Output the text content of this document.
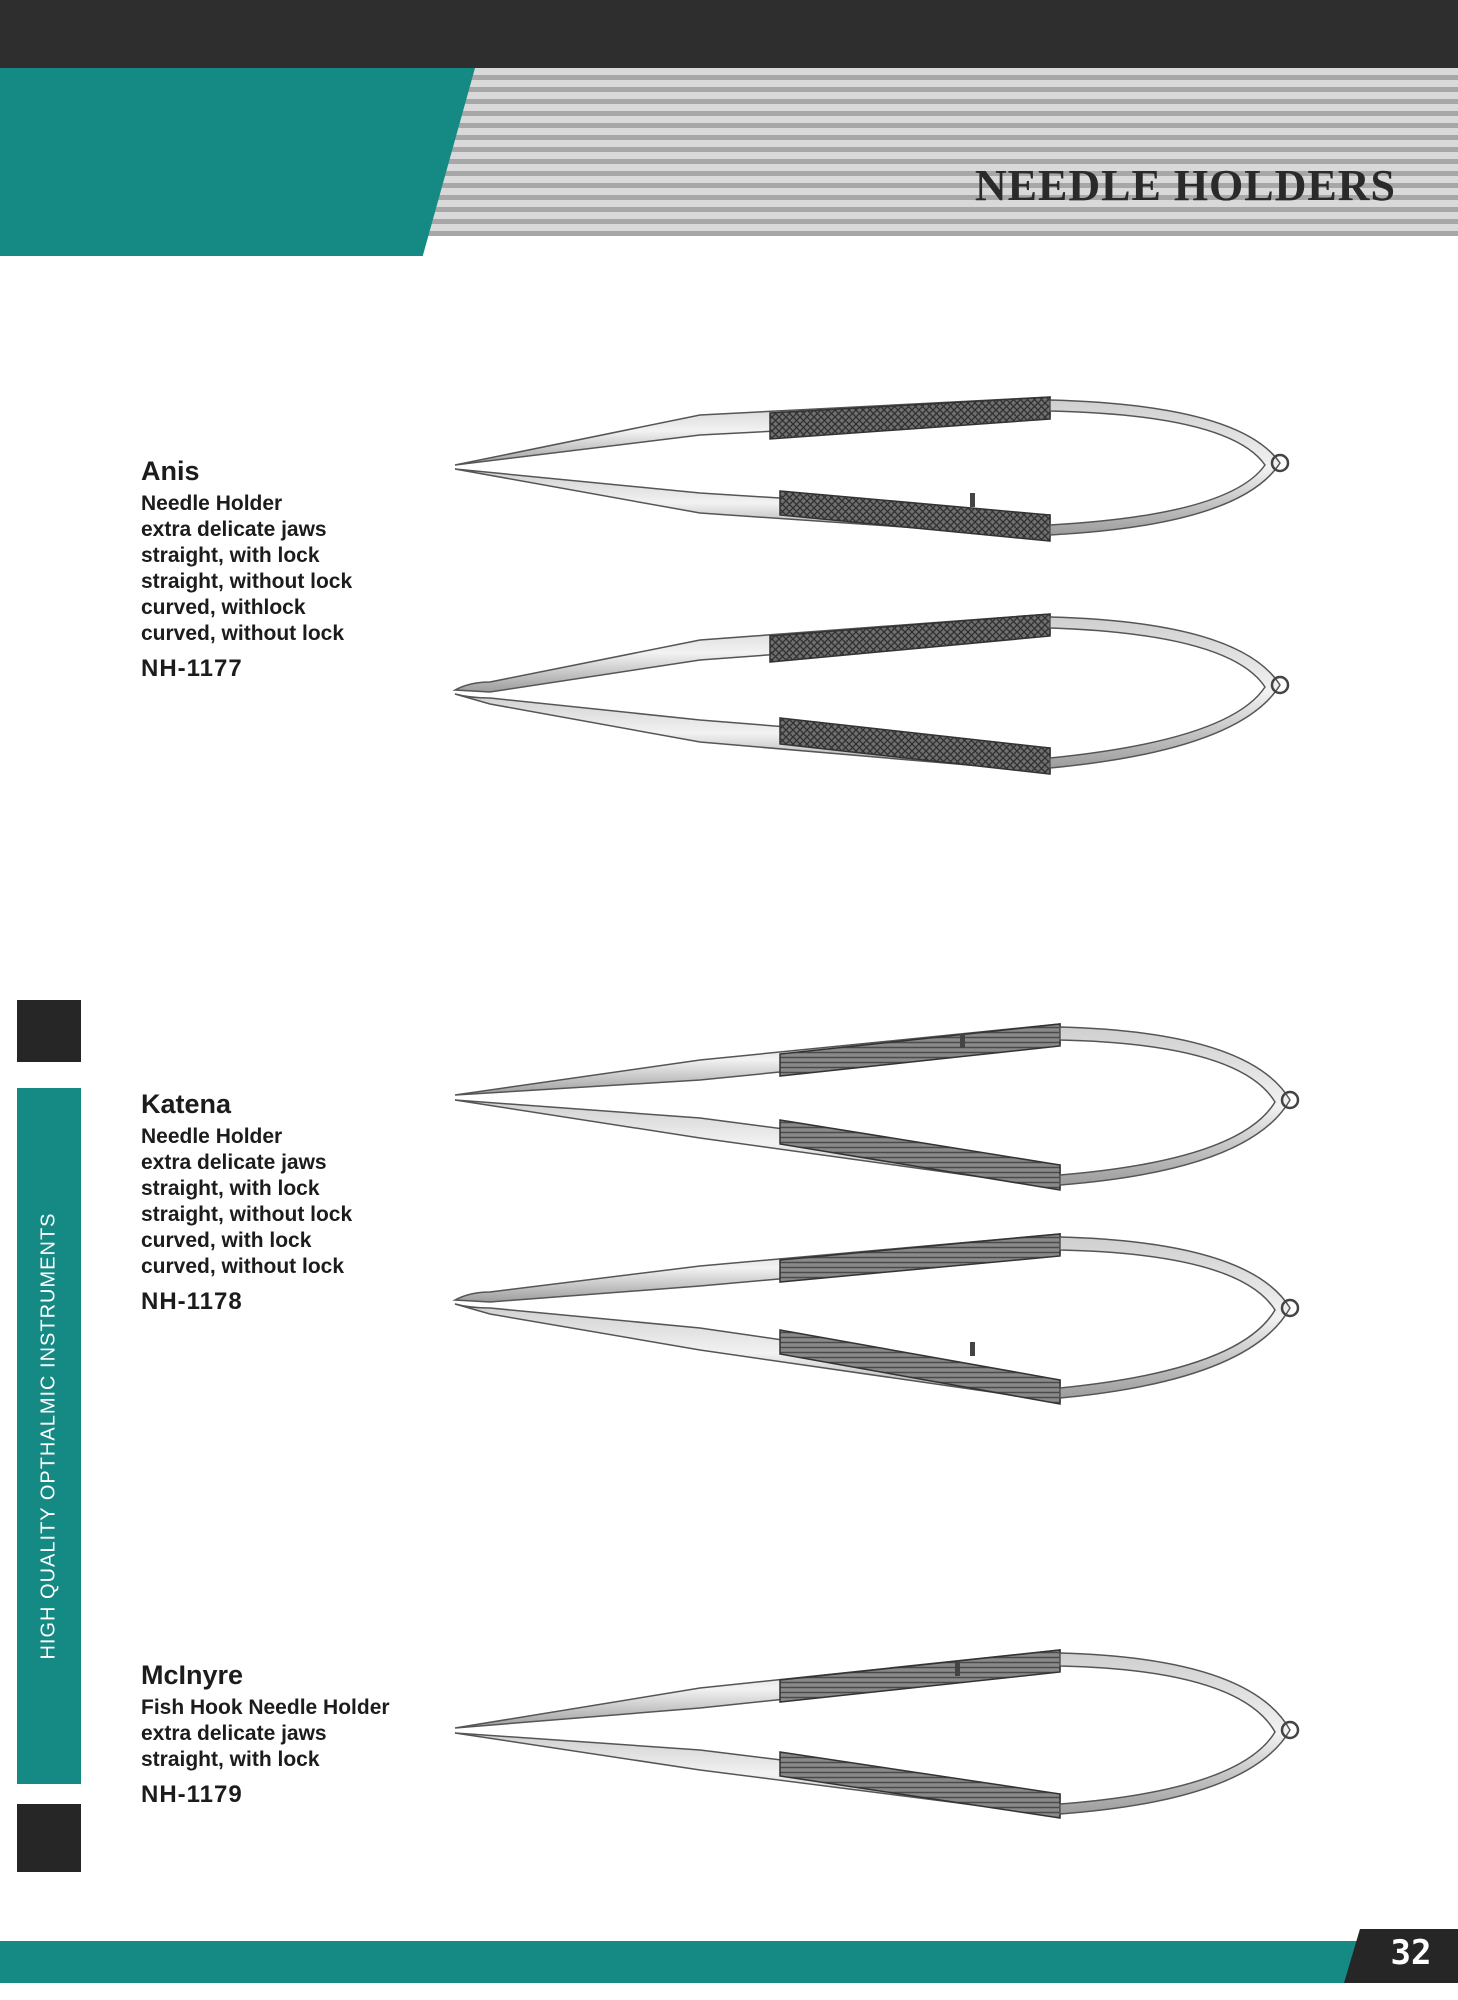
NEEDLE HOLDERS
HIGH QUALITY OPTHALMIC INSTRUMENTS
Anis
Needle Holder
extra delicate jaws
straight, with lock
straight, without lock
curved, withlock
curved, without lock
NH-1177
Katena
Needle Holder
extra delicate jaws
straight, with lock
straight, without lock
curved, with lock
curved, without lock
NH-1178
McInyre
Fish Hook Needle Holder
extra delicate jaws
straight, with lock
NH-1179
32
